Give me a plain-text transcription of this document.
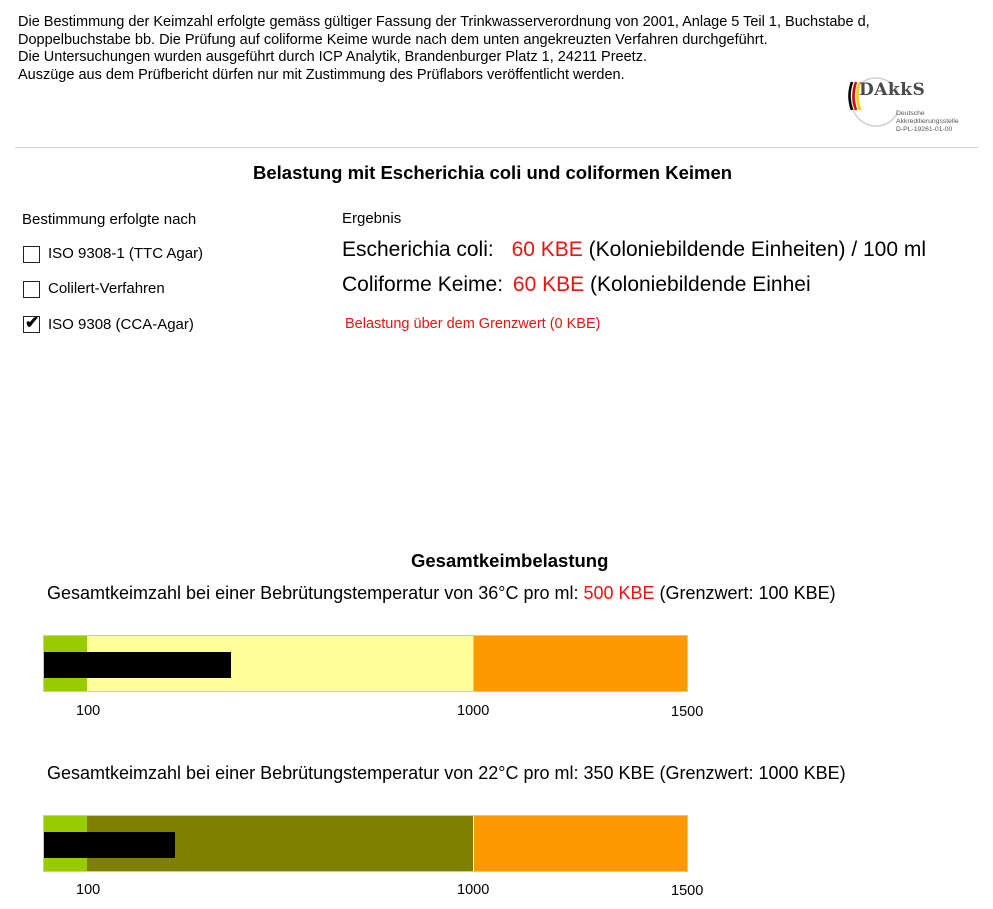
Die Bestimmung der Keimzahl erfolgte gemäss gültiger Fassung der Trinkwasserverordnung von 2001, Anlage 5 Teil 1, Buchstabe d,
Doppelbuchstabe bb. Die Prüfung auf coliforme Keime wurde nach dem unten angekreuzten Verfahren durchgeführt.
Die Untersuchungen wurden ausgeführt durch ICP Analytik, Brandenburger Platz 1, 24211 Preetz.
Auszüge aus dem Prüfbericht dürfen nur mit Zustimmung des Prüflabors veröffentlicht werden.
DAkkS
Deutsche
Akkreditierungsstelle
D-PL-19261-01-00
Belastung mit Escherichia coli und coliformen Keimen
Bestimmung erfolgte nach
ISO 9308-1 (TTC Agar)
Colilert-Verfahren
✔ ISO 9308 (CCA-Agar)
Ergebnis
Escherichia coli: 60 KBE (Koloniebildende Einheiten) / 100 ml
Coliforme Keime: 60 KBE (Koloniebildende Einhei
Belastung über dem Grenzwert (0 KBE)
Gesamtkeimbelastung
Gesamtkeimzahl bei einer Bebrütungstemperatur von 36°C pro ml: 500 KBE (Grenzwert: 100 KBE)
100	1000	1500
Gesamtkeimzahl bei einer Bebrütungstemperatur von 22°C pro ml: 350 KBE (Grenzwert: 1000 KBE)
100	1000	1500
